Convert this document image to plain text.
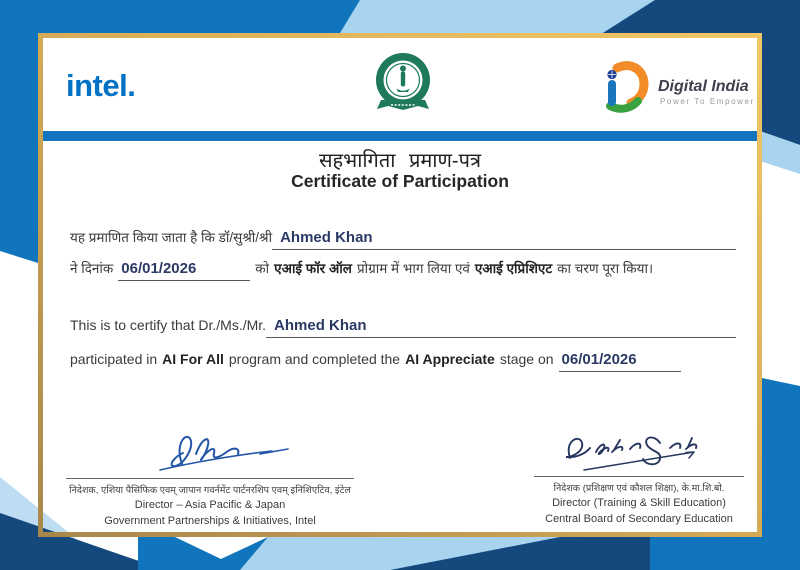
intel.	Digital India
Power To Empower
सहभागिता प्रमाण-पत्र
Certificate of Participation
यह प्रमाणित किया जाता है कि डॉ/सुश्री/श्री Ahmed Khan
ने दिनांक 06/01/2026	को एआई फॉर ऑल प्रोग्राम में भाग लिया एवं एआई एप्रिशिएट का चरण पूरा किया।
This is to certify that Dr./Ms./Mr. Ahmed Khan
participated in AI For All program and completed the AI Appreciate stage on 06/01/2026
निदेशक, एशिया पैसिफिक एवम् जापान गवर्नमेंट पार्टनरशिप एवम् इनिशिएटिव, इंटेल
Director – Asia Pacific & Japan
Government Partnerships & Initiatives, Intel
निदेशक (प्रशिक्षण एवं कौशल शिक्षा), के.मा.शि.बो.
Director (Training & Skill Education)
Central Board of Secondary Education
